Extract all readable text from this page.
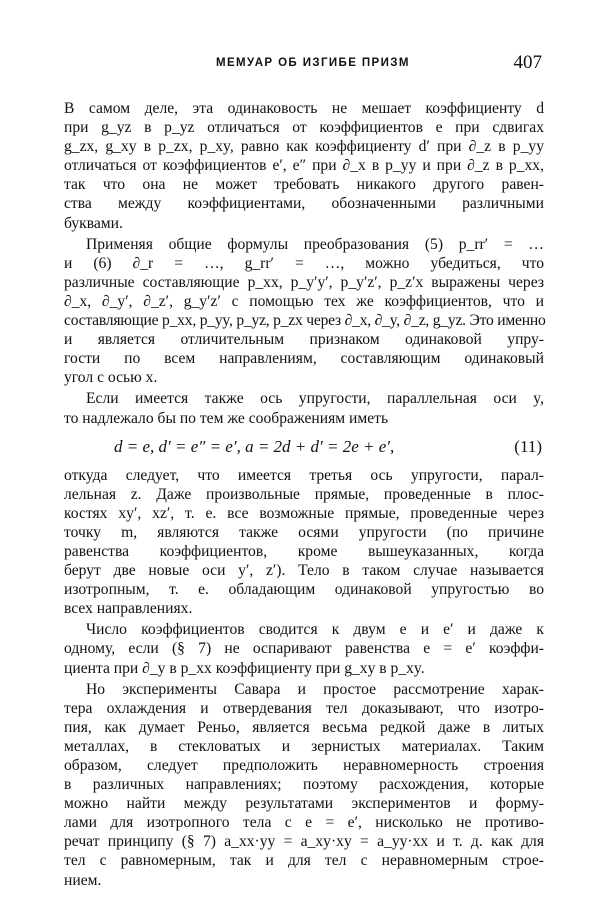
МЕМУАР ОБ ИЗГИБЕ ПРИЗМ	407
В самом деле, эта одинаковость не мешает коэффициенту d
при g_yz в p_yz отличаться от коэффициентов e при сдвигах
g_zx, g_xy в p_zx, p_xy, равно как коэффициенту d′ при ∂_z в p_yy
отличаться от коэффициентов e′, e″ при ∂_x в p_yy и при ∂_z в p_xx,
так что она не может требовать никакого другого равен-
ства между коэффициентами, обозначенными различными
буквами.
Применяя общие формулы преобразования (5) p_rr′ = …
и (6) ∂_r = …, g_rr′ = …, можно убедиться, что
различные составляющие p_xx, p_y′y′, p_y′z′, p_z′x выражены через
∂_x, ∂_y′, ∂_z′, g_y′z′ с помощью тех же коэффициентов, что и
составляющие p_xx, p_yy, p_yz, p_zx через ∂_x, ∂_y, ∂_z, g_yz. Это именно
и является отличительным признаком одинаковой упру-
гости по всем направлениям, составляющим одинаковый
угол с осью x.
Если имеется также ось упругости, параллельная оси y,
то надлежало бы по тем же соображениям иметь
d = e, d′ = e″ = e′, a = 2d + d′ = 2e + e′,	(11)
откуда следует, что имеется третья ось упругости, парал-
лельная z. Даже произвольные прямые, проведенные в плос-
костях xy′, xz′, т. е. все возможные прямые, проведенные через
точку m, являются также осями упругости (по причине
равенства коэффициентов, кроме вышеуказанных, когда
берут две новые оси y′, z′). Тело в таком случае называется
изотропным, т. е. обладающим одинаковой упругостью во
всех направлениях.
Число коэффициентов сводится к двум e и e′ и даже к
одному, если (§ 7) не оспаривают равенства e = e′ коэффи-
циента при ∂_y в p_xx коэффициенту при g_xy в p_xy.
Но эксперименты Савара и простое рассмотрение харак-
тера охлаждения и отвердевания тел доказывают, что изотро-
пия, как думает Реньо, является весьма редкой даже в литых
металлах, в стекловатых и зернистых материалах. Таким
образом, следует предположить неравномерность строения
в различных направлениях; поэтому расхождения, которые
можно найти между результатами экспериментов и форму-
лами для изотропного тела с e = e′, нисколько не противо-
речат принципу (§ 7) a_xx·yy = a_xy·xy = a_yy·xx и т. д. как для
тел с равномерным, так и для тел с неравномерным строе-
нием.
